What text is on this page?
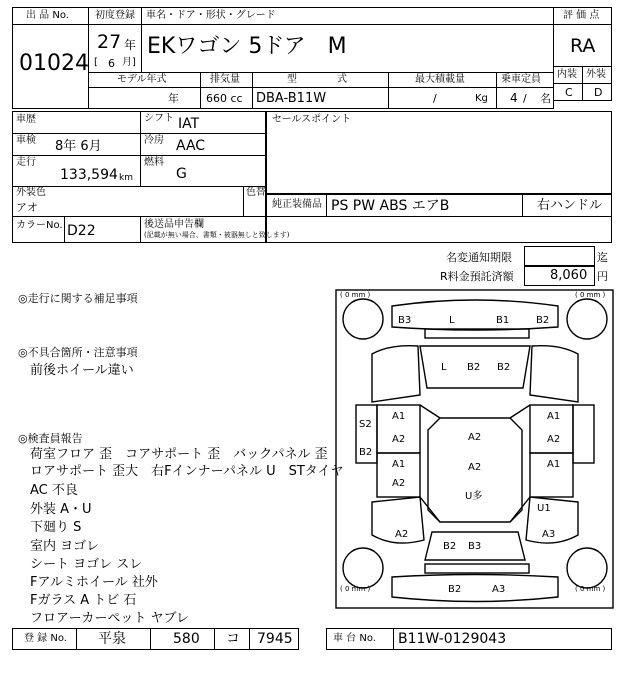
出 品 No.
01024
初度登録 車名・ドア・形状・グレード
27 年
[ 6 月]
EKワゴン 5ドア　M
評 価 点
RA
内装 外装
C D
モデル年式	排気量	型　　　　式	最大積載量	乗車定員
年 660 cc DBA-B11W	/	Kg 4 / 名
車歴	シフト IAT
車検 8年 6月	冷房 AAC
走行
133,594 km
燃料
G
外装色
アオ
色替
カラーNo. D22	後送品申告欄
(記載が無い場合、書類・被器無しと致します)
セールスポイント
純正装備品 PS PW ABS エアB	右ハンドル
名変通知期限	迄
R料金預託済額	8,060 円
◎走行に関する補足事項
◎不具合箇所・注意事項
前後ホイール違い
◎検査員報告
荷室フロア 歪　コアサポート 歪　バックパネル 歪
ロアサポート 歪大　右Fインナーパネル U　STタイヤ
AC 不良
外装 A・U
下廻り S
室内 ヨゴレ
シート ヨゴレ スレ
Fアルミホイール 社外
Fガラス A トビ 石
フロアーカーペット ヤブレ
( 0 mm )	( 0 mm )
( 0 mm )	( 0 mm )
B3	L	B1	B2
L B2 B2
S2
B2
A1
A2
A1
A2
A1
A2
A1
A2
A2
U多
U1
A3
A2
B2 B3
B2	A3
登 録 No. 平泉	580 コ 7945	車 台 No. B11W-0129043
